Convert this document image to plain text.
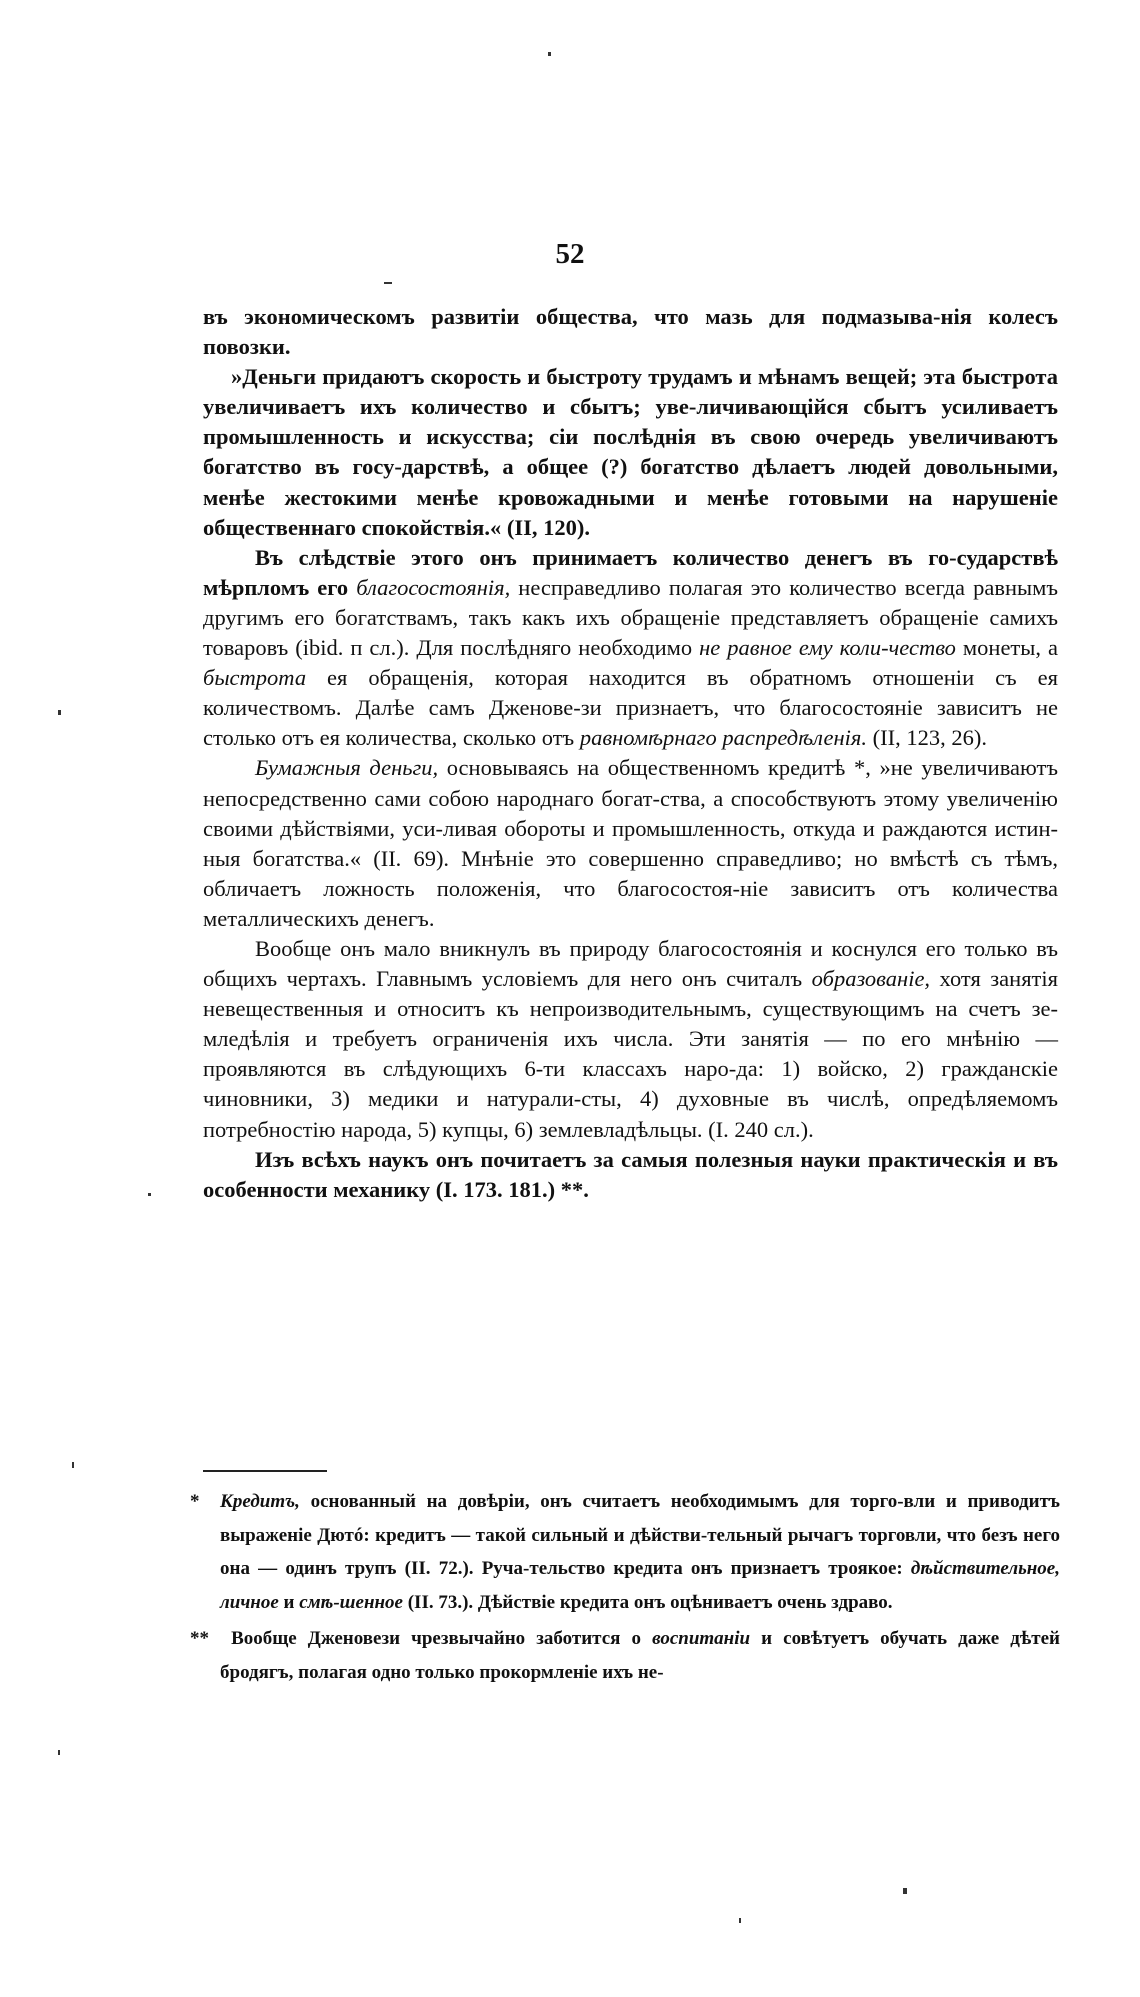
52

въ экономическомъ развитіи общества, что мазь для подмазыва-нія колесъ повозки.

»Деньги придаютъ скорость и быстроту трудамъ и мѣнамъ вещей; эта быстрота увеличиваетъ ихъ количество и сбытъ; уве-личивающійся сбытъ усиливаетъ промышленность и искусства; сіи послѣднія въ свою очередь увеличиваютъ богатство въ госу-дарствѣ, а общее (?) богатство дѣлаетъ людей довольными, менѣе жестокими менѣе кровожадными и менѣе готовыми на нарушеніе общественнаго спокойствія.« (II, 120).

Въ слѣдствіе этого онъ принимаетъ количество денегъ въ го-сударствѣ мѣрпломъ его благосостоянія, несправедливо полагая это количество всегда равнымъ другимъ его богатствамъ, такъ какъ ихъ обращеніе представляетъ обращеніе самихъ товаровъ (ibid. п сл.). Для послѣдняго необходимо не равное ему коли-чество монеты, а быстрота ея обращенія, которая находится въ обратномъ отношеніи съ ея количествомъ. Далѣе самъ Дженове-зи признаетъ, что благосостояніе зависитъ не столько отъ ея количества, сколько отъ равномѣрнаго распредѣленія. (II, 123, 26).

Бумажныя деньги, основываясь на общественномъ кредитѣ *, »не увеличиваютъ непосредственно сами собою народнаго богат-ства, а способствуютъ этому увеличенію своими дѣйствіями, уси-ливая обороты и промышленность, откуда и раждаются истин-ныя богатства.« (II. 69). Мнѣніе это совершенно справедливо; но вмѣстѣ съ тѣмъ, обличаетъ ложность положенія, что благосостоя-ніе зависитъ отъ количества металлическихъ денегъ.

Вообще онъ мало вникнулъ въ природу благосостоянія и коснулся его только въ общихъ чертахъ. Главнымъ условіемъ для него онъ считалъ образованіе, хотя занятія невещественныя и относитъ къ непроизводительнымъ, существующимъ на счетъ зе-мледѣлія и требуетъ ограниченія ихъ числа. Эти занятія — по его мнѣнію — проявляются въ слѣдующихъ 6-ти классахъ наро-да: 1) войско, 2) гражданскіе чиновники, 3) медики и натурали-сты, 4) духовные въ числѣ, опредѣляемомъ потребностію народа, 5) купцы, 6) землевладѣльцы. (I. 240 сл.).

Изъ всѣхъ наукъ онъ почитаетъ за самыя полезныя науки практическія и въ особенности механику (I. 173. 181.) **.

* Кредитъ, основанный на довѣріи, онъ считаетъ необходимымъ для торго-вли и приводитъ выраженіе Дютó: кредитъ — такой сильный и дѣйстви-тельный рычагъ торговли, что безъ него она — одинъ трупъ (II. 72.). Руча-тельство кредита онъ признаетъ троякое: дѣйствительное, личное и смѣ-шенное (II. 73.). Дѣйствіе кредита онъ оцѣниваетъ очень здраво.

** Вообще Дженовези чрезвычайно заботится о воспитаніи и совѣтуетъ обучать даже дѣтей бродягъ, полагая одно только прокормленіе ихъ не-
